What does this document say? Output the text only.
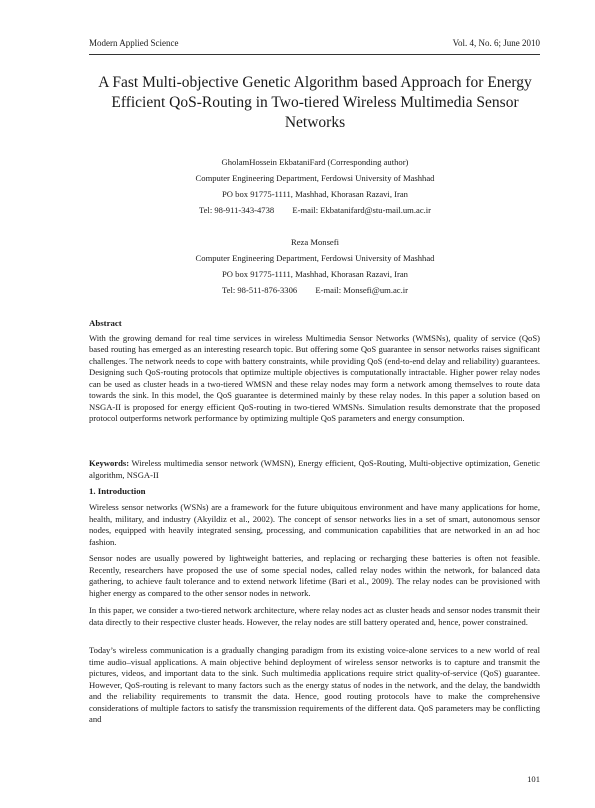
Modern Applied Science	Vol. 4, No. 6; June 2010
A Fast Multi-objective Genetic Algorithm based Approach for Energy
Efficient QoS-Routing in Two-tiered Wireless Multimedia Sensor
Networks
GholamHossein EkbataniFard (Corresponding author)
Computer Engineering Department, Ferdowsi University of Mashhad
PO box 91775-1111, Mashhad, Khorasan Razavi, Iran
Tel: 98-911-343-4738 E-mail: Ekbatanifard@stu-mail.um.ac.ir
Reza Monsefi
Computer Engineering Department, Ferdowsi University of Mashhad
PO box 91775-1111, Mashhad, Khorasan Razavi, Iran
Tel: 98-511-876-3306 E-mail: Monsefi@um.ac.ir
Abstract

With the growing demand for real time services in wireless Multimedia Sensor Networks (WMSNs), quality of service (QoS) based routing has emerged as an interesting research topic. But offering some QoS guarantee in sensor networks raises significant challenges. The network needs to cope with battery constraints, while providing QoS (end-to-end delay and reliability) guarantees. Designing such QoS-routing protocols that optimize multiple objectives is computationally intractable. Higher power relay nodes can be used as cluster heads in a two-tiered WMSN and these relay nodes may form a network among themselves to route data towards the sink. In this model, the QoS guarantee is determined mainly by these relay nodes. In this paper a solution based on NSGA-II is proposed for energy efficient QoS-routing in two-tiered WMSNs. Simulation results demonstrate that the proposed protocol outperforms network performance by optimizing multiple QoS parameters and energy consumption.

Keywords: Wireless multimedia sensor network (WMSN), Energy efficient, QoS-Routing, Multi-objective optimization, Genetic algorithm, NSGA-II

1. Introduction

Wireless sensor networks (WSNs) are a framework for the future ubiquitous environment and have many applications for home, health, military, and industry (Akyildiz et al., 2002). The concept of sensor networks lies in a set of smart, autonomous sensor nodes, equipped with heavily integrated sensing, processing, and communication capabilities that are networked in an ad hoc fashion.

Sensor nodes are usually powered by lightweight batteries, and replacing or recharging these batteries is often not feasible. Recently, researchers have proposed the use of some special nodes, called relay nodes within the network, for balanced data gathering, to achieve fault tolerance and to extend network lifetime (Bari et al., 2009). The relay nodes can be provisioned with higher energy as compared to the other sensor nodes in network.

In this paper, we consider a two-tiered network architecture, where relay nodes act as cluster heads and sensor nodes transmit their data directly to their respective cluster heads. However, the relay nodes are still battery operated and, hence, power constrained.

Today’s wireless communication is a gradually changing paradigm from its existing voice-alone services to a new world of real time audio–visual applications. A main objective behind deployment of wireless sensor networks is to capture and transmit the pictures, videos, and important data to the sink. Such multimedia applications require strict quality-of-service (QoS) guarantee. However, QoS-routing is relevant to many factors such as the energy status of nodes in the network, and the delay, the bandwidth and the reliability requirements to transmit the data. Hence, good routing protocols have to make the comprehensive considerations of multiple factors to satisfy the transmission requirements of the different data. QoS parameters may be conflicting and

101
